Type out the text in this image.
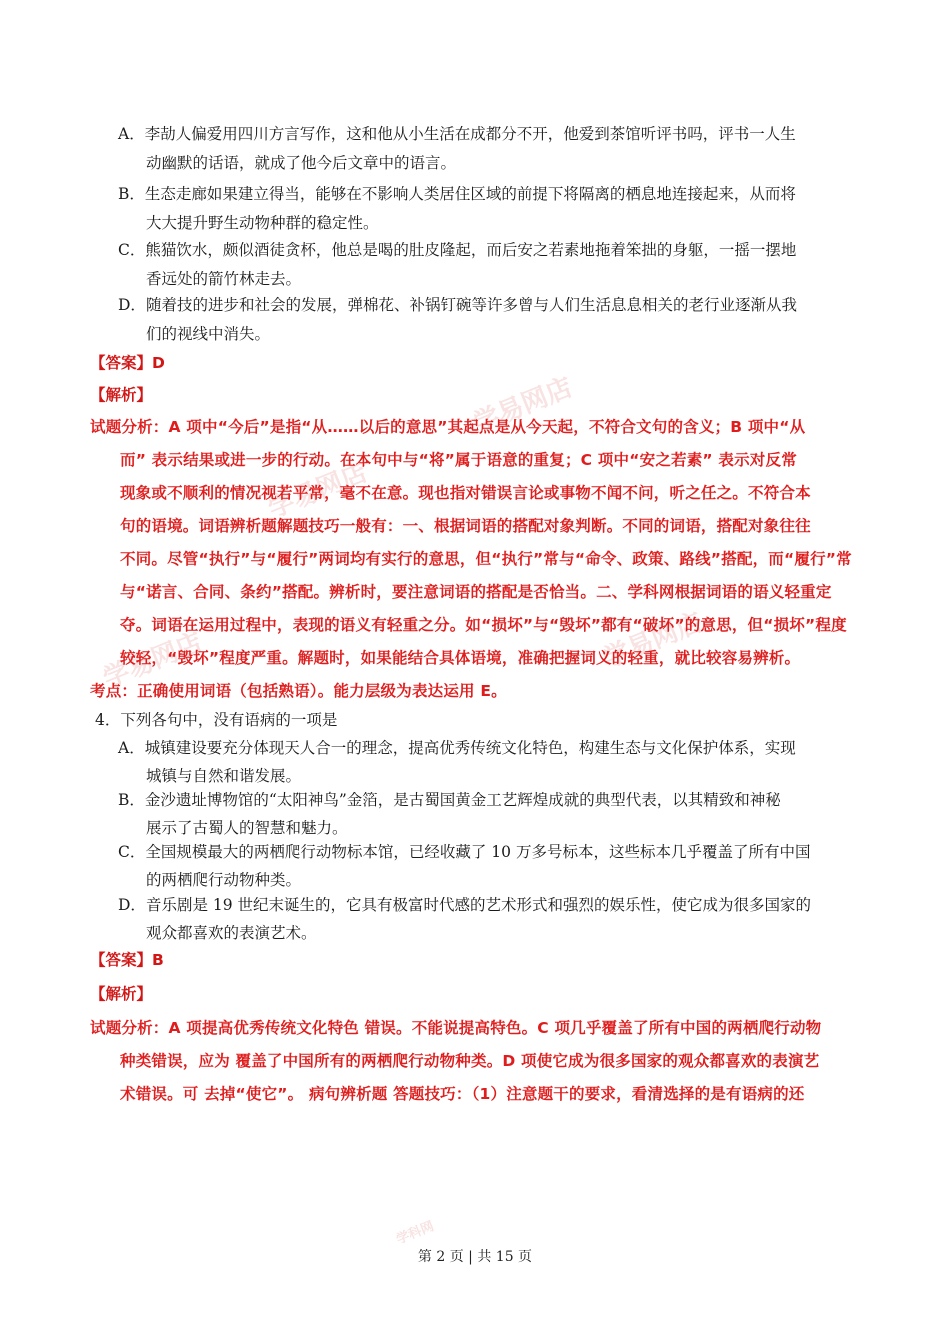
学科网
学易网店
学易网店
学易网店
学易网店
A．李劼人偏爱用四川方言写作，这和他从小生活在成都分不开，他爱到茶馆听评书吗，评书一人生
动幽默的话语，就成了他今后文章中的语言。
B．生态走廊如果建立得当，能够在不影响人类居住区域的前提下将隔离的栖息地连接起来，从而将
大大提升野生动物种群的稳定性。
C．熊猫饮水，颇似酒徒贪杯，他总是喝的肚皮隆起，而后安之若素地拖着笨拙的身躯，一摇一摆地
香远处的箭竹林走去。
D．随着技的进步和社会的发展，弹棉花、补锅钉碗等许多曾与人们生活息息相关的老行业逐渐从我
们的视线中消失。
【答案】D
【解析】
试题分析：A 项中“今后”是指“从……以后的意思”其起点是从今天起，不符合文句的含义；B 项中“从
而” 表示结果或进一步的行动。在本句中与“将”属于语意的重复；C 项中“安之若素” 表示对反常
现象或不顺利的情况视若平常，毫不在意。现也指对错误言论或事物不闻不问，听之任之。不符合本
句的语境。词语辨析题解题技巧一般有：一、根据词语的搭配对象判断。不同的词语，搭配对象往往
不同。尽管“执行”与“履行”两词均有实行的意思，但“执行”常与“命令、政策、路线”搭配，而“履行”常
与“诺言、合同、条约”搭配。辨析时，要注意词语的搭配是否恰当。二、学科网根据词语的语义轻重定
夺。词语在运用过程中，表现的语义有轻重之分。如“损坏”与“毁坏”都有“破坏”的意思，但“损坏”程度
较轻，“毁坏”程度严重。解题时，如果能结合具体语境，准确把握词义的轻重，就比较容易辨析。
考点：正确使用词语（包括熟语）。能力层级为表达运用 E。
4．下列各句中，没有语病的一项是
A．城镇建设要充分体现天人合一的理念，提高优秀传统文化特色，构建生态与文化保护体系，实现
城镇与自然和谐发展。
B．金沙遗址博物馆的“太阳神鸟”金箔，是古蜀国黄金工艺辉煌成就的典型代表，以其精致和神秘
展示了古蜀人的智慧和魅力。
C．全国规模最大的两栖爬行动物标本馆，已经收藏了 10 万多号标本，这些标本几乎覆盖了所有中国
的两栖爬行动物种类。
D．音乐剧是 19 世纪末诞生的，它具有极富时代感的艺术形式和强烈的娱乐性，使它成为很多国家的
观众都喜欢的表演艺术。
【答案】B
【解析】
试题分析：A 项提高优秀传统文化特色 错误。不能说提高特色。C 项几乎覆盖了所有中国的两栖爬行动物
种类错误，应为 覆盖了中国所有的两栖爬行动物种类。D 项使它成为很多国家的观众都喜欢的表演艺
术错误。可 去掉“使它”。 病句辨析题 答题技巧：（1）注意题干的要求，看清选择的是有语病的还
第 2 页 | 共 15 页
